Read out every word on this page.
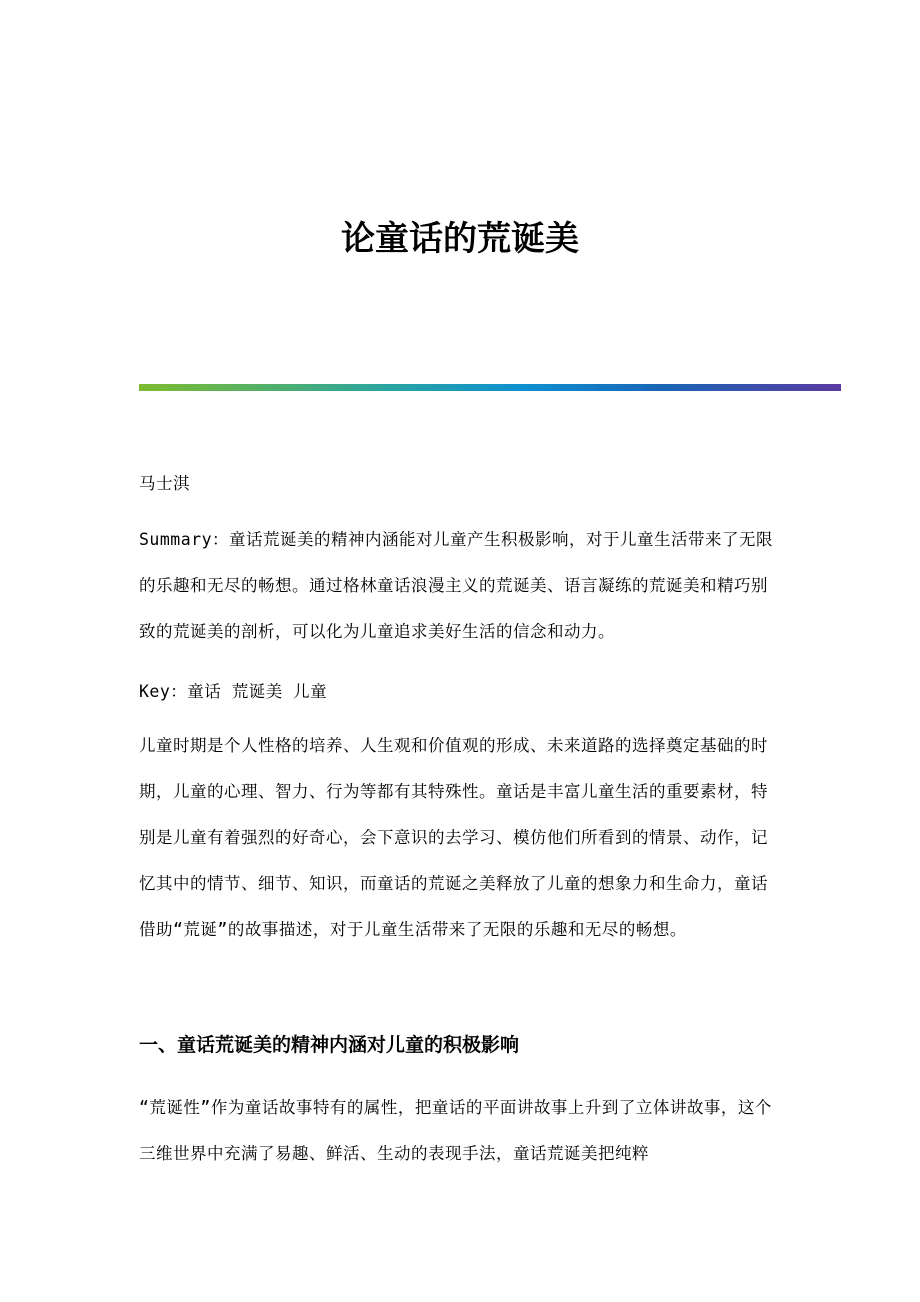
论童话的荒诞美

马士淇

Summary：童话荒诞美的精神内涵能对儿童产生积极影响，对于儿童生活带来了无限的乐趣和无尽的畅想。通过格林童话浪漫主义的荒诞美、语言凝练的荒诞美和精巧别致的荒诞美的剖析，可以化为儿童追求美好生活的信念和动力。

Key：童话 荒诞美 儿童

儿童时期是个人性格的培养、人生观和价值观的形成、未来道路的选择奠定基础的时期，儿童的心理、智力、行为等都有其特殊性。童话是丰富儿童生活的重要素材，特别是儿童有着强烈的好奇心，会下意识的去学习、模仿他们所看到的情景、动作，记忆其中的情节、细节、知识，而童话的荒诞之美释放了儿童的想象力和生命力，童话借助“荒诞”的故事描述，对于儿童生活带来了无限的乐趣和无尽的畅想。

一、童话荒诞美的精神内涵对儿童的积极影响

“荒诞性”作为童话故事特有的属性，把童话的平面讲故事上升到了立体讲故事，这个三维世界中充满了易趣、鲜活、生动的表现手法，童话荒诞美把纯粹
